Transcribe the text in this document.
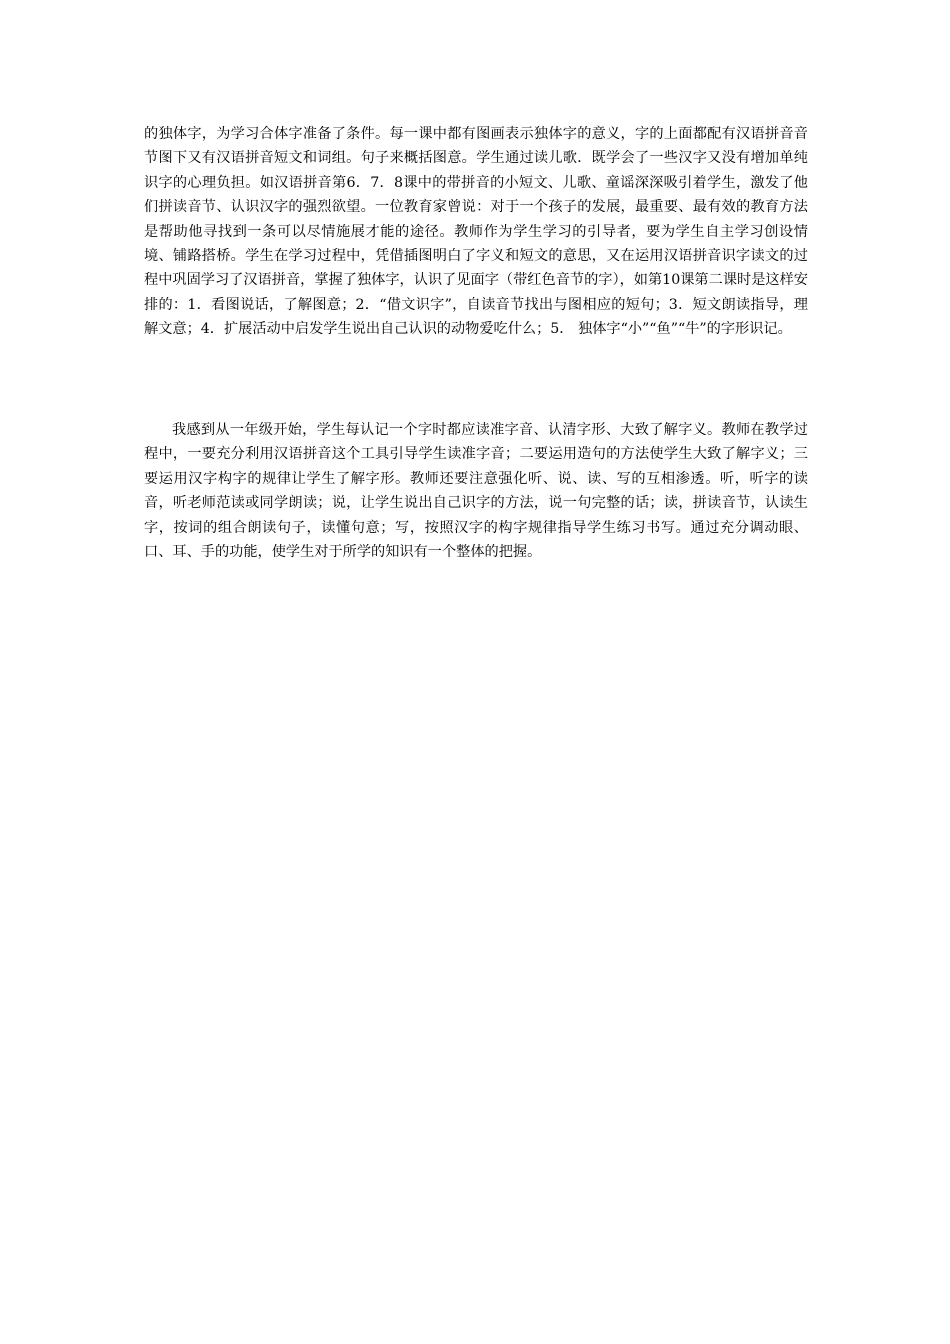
的独体字，为学习合体字准备了条件。每一课中都有图画表示独体字的意义，字的上面都配有汉语拼音音节图下又有汉语拼音短文和词组。句子来概括图意。学生通过读儿歌．既学会了一些汉字又没有增加单纯识字的心理负担。如汉语拼音第6．7．8课中的带拼音的小短文、儿歌、童谣深深吸引着学生，激发了他们拼读音节、认识汉字的强烈欲望。一位教育家曾说：对于一个孩子的发展，最重要、最有效的教育方法是帮助他寻找到一条可以尽情施展才能的途径。教师作为学生学习的引导者，要为学生自主学习创设情境、铺路搭桥。学生在学习过程中，凭借插图明白了字义和短文的意思，又在运用汉语拼音识字读文的过程中巩固学习了汉语拼音，掌握了独体字，认识了见面字（带红色音节的字），如第10课第二课时是这样安排的：1．看图说话，了解图意；2．“借文识字”，自读音节找出与图相应的短句；3．短文朗读指导，理解文意；4．扩展活动中启发学生说出自己认识的动物爱吃什么；5． 独体字“小”“鱼”“牛”的字形识记。

我感到从一年级开始，学生每认记一个字时都应读准字音、认清字形、大致了解字义。教师在教学过程中，一要充分利用汉语拼音这个工具引导学生读准字音；二要运用造句的方法使学生大致了解字义；三要运用汉字构字的规律让学生了解字形。教师还要注意强化听、说、读、写的互相渗透。听，听字的读音，听老师范读或同学朗读；说，让学生说出自己识字的方法，说一句完整的话；读，拼读音节，认读生字，按词的组合朗读句子，读懂句意；写，按照汉字的构字规律指导学生练习书写。通过充分调动眼、口、耳、手的功能，使学生对于所学的知识有一个整体的把握。
